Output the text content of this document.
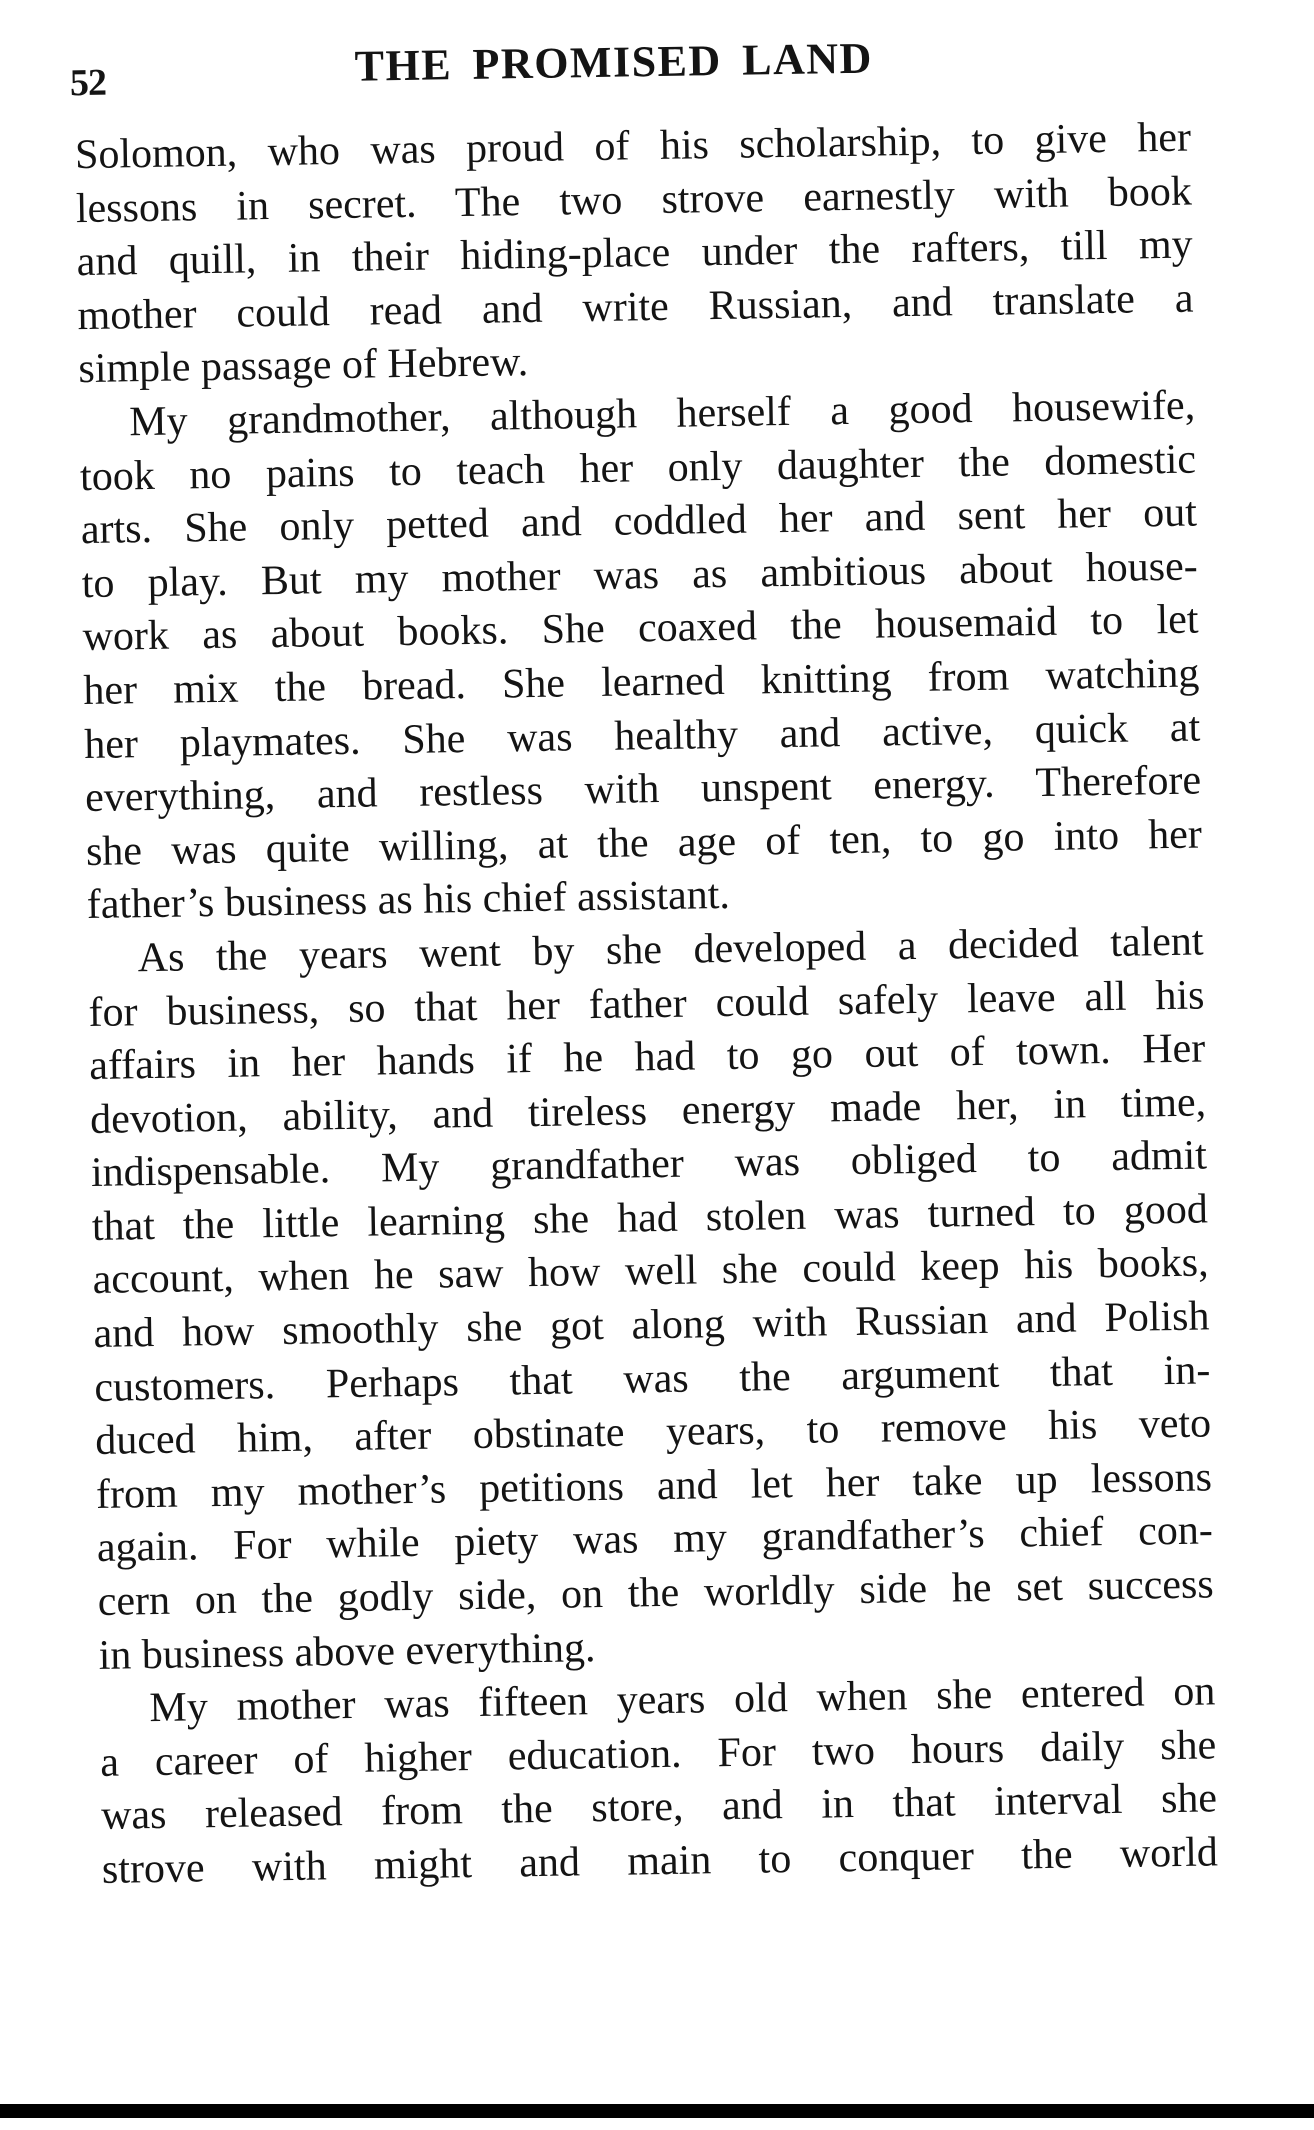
52	THE PROMISED LAND
Solomon, who was proud of his scholarship, to give her
lessons in secret. The two strove earnestly with book
and quill, in their hiding-place under the rafters, till my
mother could read and write Russian, and translate a
simple passage of Hebrew.
My grandmother, although herself a good housewife,
took no pains to teach her only daughter the domestic
arts. She only petted and coddled her and sent her out
to play. But my mother was as ambitious about house-
work as about books. She coaxed the housemaid to let
her mix the bread. She learned knitting from watching
her playmates. She was healthy and active, quick at
everything, and restless with unspent energy. Therefore
she was quite willing, at the age of ten, to go into her
father’s business as his chief assistant.
As the years went by she developed a decided talent
for business, so that her father could safely leave all his
affairs in her hands if he had to go out of town. Her
devotion, ability, and tireless energy made her, in time,
indispensable. My grandfather was obliged to admit
that the little learning she had stolen was turned to good
account, when he saw how well she could keep his books,
and how smoothly she got along with Russian and Polish
customers. Perhaps that was the argument that in-
duced him, after obstinate years, to remove his veto
from my mother’s petitions and let her take up lessons
again. For while piety was my grandfather’s chief con-
cern on the godly side, on the worldly side he set success
in business above everything.
My mother was fifteen years old when she entered on
a career of higher education. For two hours daily she
was released from the store, and in that interval she
strove with might and main to conquer the world
